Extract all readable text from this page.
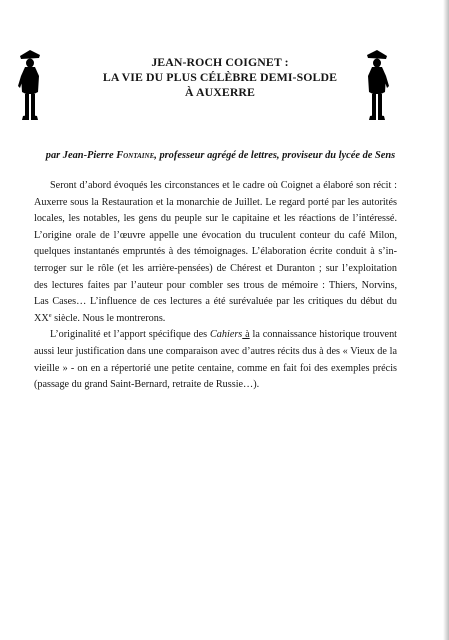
JEAN-ROCH COIGNET :
LA VIE DU PLUS CÉLÈBRE DEMI-SOLDE
À AUXERRE
par Jean-Pierre Fontaine, professeur agrégé de lettres, proviseur du lycée de Sens
Seront d’abord évoqués les circonstances et le cadre où Coignet a élaboré son récit :
Auxerre sous la Restauration et la monarchie de Juillet. Le regard porté par les autorités
locales, les notables, les gens du peuple sur le capitaine et les réactions de l’intéressé.
L’origine orale de l’œuvre appelle une évocation du truculent conteur du café Milon,
quelques instantanés empruntés à des témoignages. L’élaboration écrite conduit à s’in-
terroger sur le rôle (et les arrière-pensées) de Chérest et Duranton ; sur l’exploitation
des lectures faites par l’auteur pour combler ses trous de mémoire : Thiers, Norvins,
Las Cases… L’influence de ces lectures a été surévaluée par les critiques du début du
XXe siècle. Nous le montrerons.
L’originalité et l’apport spécifique des Cahiers à la connaissance historique trouvent
aussi leur justification dans une comparaison avec d’autres récits dus à des « Vieux de la
vieille » - on en a répertorié une petite centaine, comme en fait foi des exemples précis
(passage du grand Saint-Bernard, retraite de Russie…).
